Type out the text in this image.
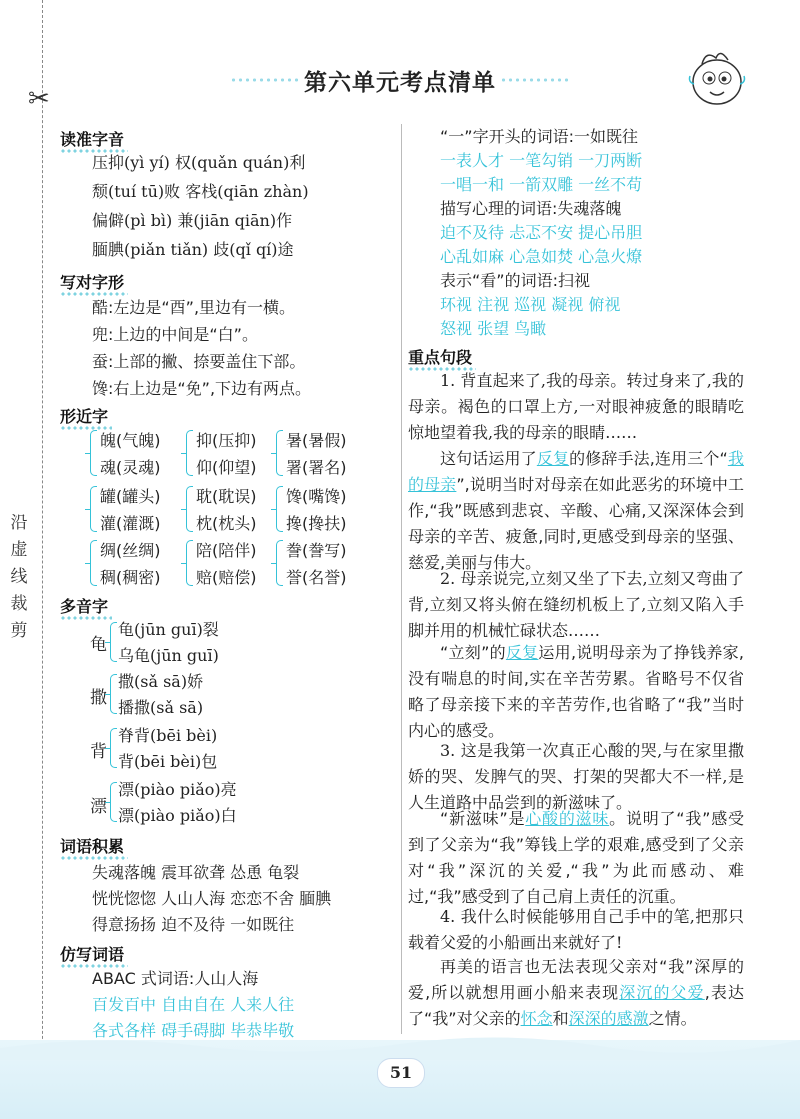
✂
沿虚线裁剪
第六单元考点清单
读准字音
压抑(yì yí) 权(quǎn quán)利
颓(tuí tū)败 客栈(qiān zhàn)
偏僻(pì bì) 兼(jiān qiān)作
腼腆(piǎn tiǎn) 歧(qǐ qí)途
写对字形
酷:左边是“酉”,里边有一横。
兜:上边的中间是“白”。
蚕:上部的撇、捺要盖住下部。
馋:右上边是“免”,下边有两点。
形近字
魄(气魄)
魂(灵魂)
抑(压抑)
仰(仰望)
暑(暑假)
署(署名)
罐(罐头)
灌(灌溉)
耽(耽误)
枕(枕头)
馋(嘴馋)
搀(搀扶)
绸(丝绸)
稠(稠密)
陪(陪伴)
赔(赔偿)
誊(誊写)
誉(名誉)
多音字
龟
龟(jūn guī)裂
乌龟(jūn guī)
撒
撒(sǎ sā)娇
播撒(sǎ sā)
背
脊背(bēi bèi)
背(bēi bèi)包
漂
漂(piào piǎo)亮
漂(piào piǎo)白
词语积累
失魂落魄 震耳欲聋 怂恿 龟裂
恍恍惚惚 人山人海 恋恋不舍 腼腆
得意扬扬 迫不及待 一如既往
仿写词语
ABAC 式词语:人山人海
百发百中 自由自在 人来人往
各式各样 碍手碍脚 毕恭毕敬
“一”字开头的词语:一如既往
一表人才 一笔勾销 一刀两断
一唱一和 一箭双雕 一丝不苟
描写心理的词语:失魂落魄
迫不及待 忐忑不安 提心吊胆
心乱如麻 心急如焚 心急火燎
表示“看”的词语:扫视
环视 注视 巡视 凝视 俯视
怒视 张望 鸟瞰
重点句段
1. 背直起来了,我的母亲。转过身来了,我的母亲。褐色的口罩上方,一对眼神疲惫的眼睛吃惊地望着我,我的母亲的眼睛……
这句话运用了反复的修辞手法,连用三个“我的母亲”,说明当时对母亲在如此恶劣的环境中工作,“我”既感到悲哀、辛酸、心痛,又深深体会到母亲的辛苦、疲惫,同时,更感受到母亲的坚强、慈爱,美丽与伟大。
2. 母亲说完,立刻又坐了下去,立刻又弯曲了背,立刻又将头俯在缝纫机板上了,立刻又陷入手脚并用的机械忙碌状态……
“立刻”的反复运用,说明母亲为了挣钱养家,没有喘息的时间,实在辛苦劳累。省略号不仅省略了母亲接下来的辛苦劳作,也省略了“我”当时内心的感受。
3. 这是我第一次真正心酸的哭,与在家里撒娇的哭、发脾气的哭、打架的哭都大不一样,是人生道路中品尝到的新滋味了。
“新滋味”是心酸的滋味。说明了“我”感受到了父亲为“我”筹钱上学的艰难,感受到了父亲对“我”深沉的关爱,“我”为此而感动、难过,“我”感受到了自己肩上责任的沉重。
4. 我什么时候能够用自己手中的笔,把那只载着父爱的小船画出来就好了!
再美的语言也无法表现父亲对“我”深厚的爱,所以就想用画小船来表现深沉的父爱,表达了“我”对父亲的怀念和深深的感激之情。
51
